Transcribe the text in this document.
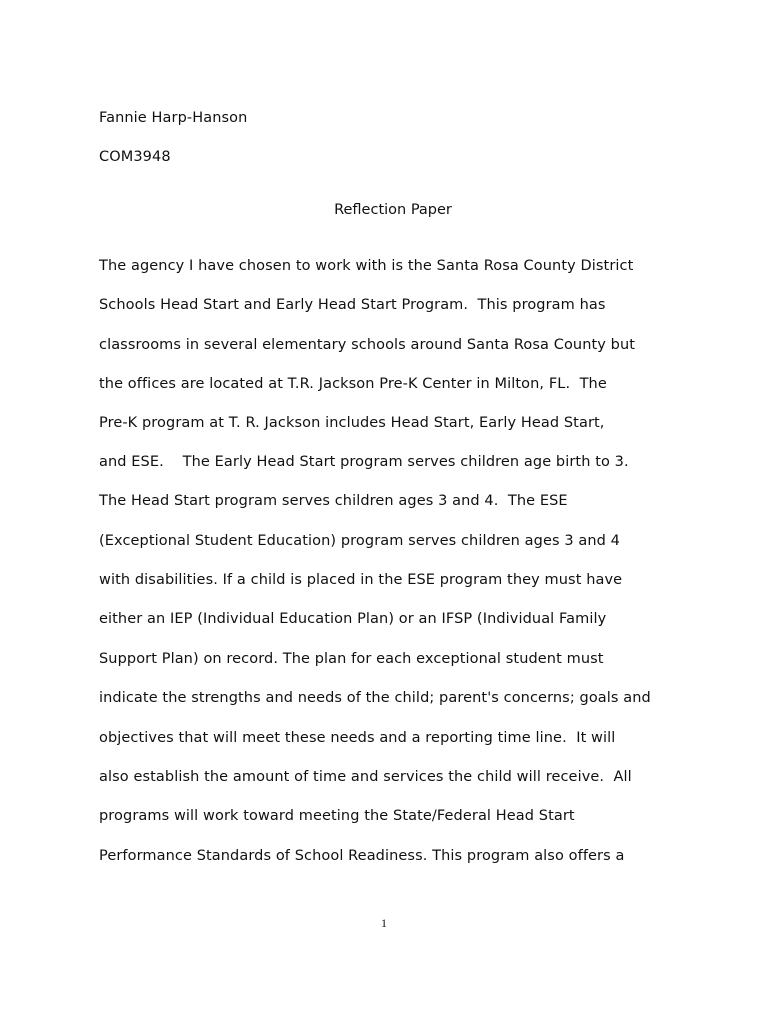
Fannie Harp-Hanson
COM3948
Reflection Paper
The agency I have chosen to work with is the Santa Rosa County District
Schools Head Start and Early Head Start Program.  This program has
classrooms in several elementary schools around Santa Rosa County but
the offices are located at T.R. Jackson Pre-K Center in Milton, FL.  The
Pre-K program at T. R. Jackson includes Head Start, Early Head Start,
and ESE.    The Early Head Start program serves children age birth to 3.
The Head Start program serves children ages 3 and 4.  The ESE
(Exceptional Student Education) program serves children ages 3 and 4
with disabilities. If a child is placed in the ESE program they must have
either an IEP (Individual Education Plan) or an IFSP (Individual Family
Support Plan) on record. The plan for each exceptional student must
indicate the strengths and needs of the child; parent's concerns; goals and
objectives that will meet these needs and a reporting time line.  It will
also establish the amount of time and services the child will receive.  All
programs will work toward meeting the State/Federal Head Start
Performance Standards of School Readiness. This program also offers a
1
